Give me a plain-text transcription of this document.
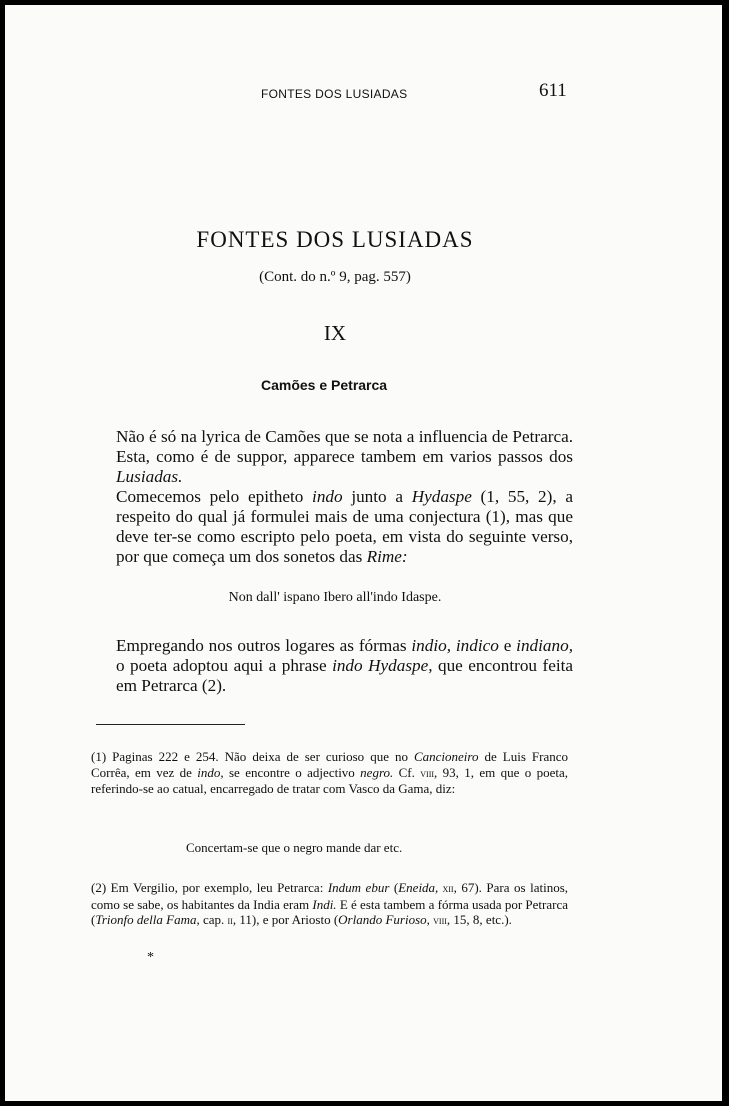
FONTES DOS LUSIADAS	611
FONTES DOS LUSIADAS
(Cont. do n.º 9, pag. 557)
IX
Camões e Petrarca

Não é só na lyrica de Camões que se nota a influencia de Petrarca. Esta, como é de suppor, apparece tambem em varios passos dos Lusiadas.

Comecemos pelo epitheto indo junto a Hydaspe (1, 55, 2), a respeito do qual já formulei mais de uma conjectura (1), mas que deve ter-se como escripto pelo poeta, em vista do seguinte verso, por que começa um dos sonetos das Rime:

Non dall' ispano Ibero all'indo Idaspe.
Empregando nos outros logares as fórmas indio, indico e indiano, o poeta adoptou aqui a phrase indo Hydaspe, que encontrou feita em Petrarca (2).

(1) Paginas 222 e 254. Não deixa de ser curioso que no Cancioneiro de Luis Franco Corrêa, em vez de indo, se encontre o adjectivo negro. Cf. viii, 93, 1, em que o poeta, referindo-se ao catual, encarregado de tratar com Vasco da Gama, diz:

Concertam-se que o negro mande dar etc.

(2) Em Vergilio, por exemplo, leu Petrarca: Indum ebur (Eneida, xii, 67). Para os latinos, como se sabe, os habitantes da India eram Indi. E é esta tambem a fórma usada por Petrarca (Trionfo della Fama, cap. ii, 11), e por Ariosto (Orlando Furioso, viii, 15, 8, etc.).

*
